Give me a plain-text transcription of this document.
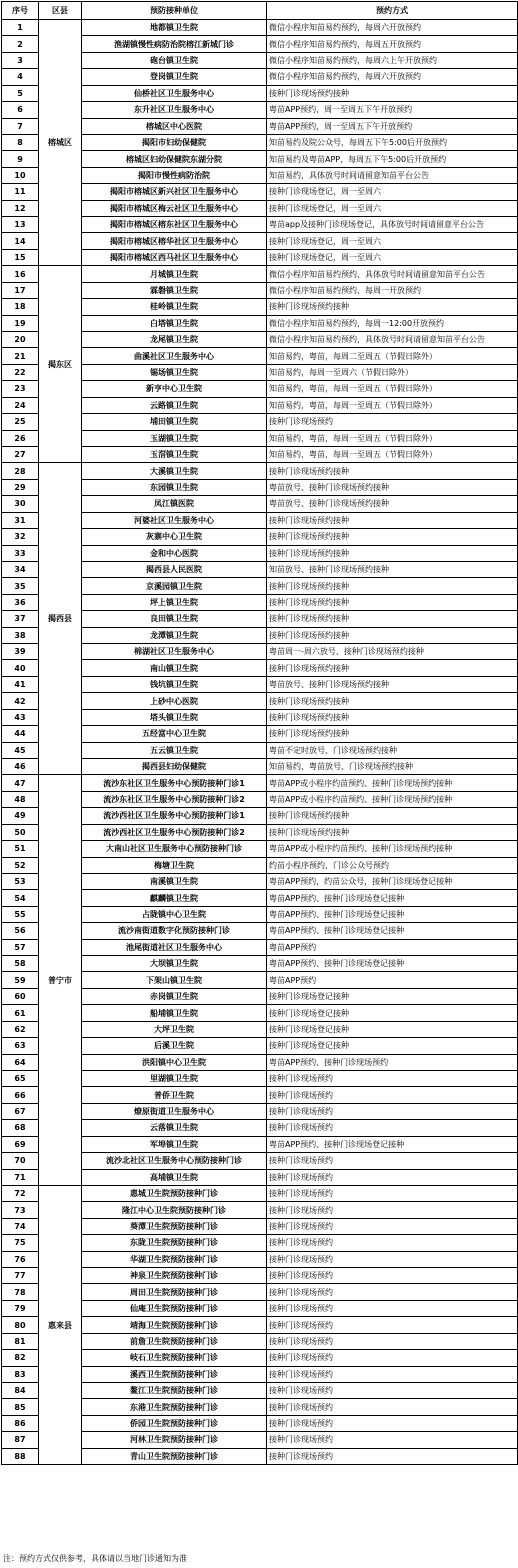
序号	区县	预防接种单位	预约方式
1	榕城区	地都镇卫生院	微信小程序知苗易约预约，每周六开放预约
2		渔湖镇慢性病防治院榕江新城门诊	微信小程序知苗易约预约，每周五开放预约
3		砲台镇卫生院	微信小程序知苗易约预约，每周六上午开放预约
4		登岗镇卫生院	微信小程序知苗易约预约，每周六开放预约
5		仙桥社区卫生服务中心	接种门诊现场预约接种
6		东升社区卫生服务中心	粤苗APP预约，周一至周五下午开放预约
7		榕城区中心医院	粤苗APP预约，周一至周五下午开放预约
8		揭阳市妇幼保健院	知苗易约及院公众号，每周五下午5:00后开放预约
9		榕城区妇幼保健院东湖分院	知苗易约及粤苗APP，每周五下午5:00后开放预约
10		揭阳市慢性病防治院	知苗易约，具体放号时间请留意知苗平台公告
11		揭阳市榕城区新兴社区卫生服务中心	接种门诊现场登记，周一至周六
12		揭阳市榕城区梅云社区卫生服务中心	接种门诊现场登记，周一至周六
13		揭阳市榕城区榕东社区卫生服务中心	粤苗app及接种门诊现场登记，具体放号时间请留意平台公告
14		揭阳市榕城区榕华社区卫生服务中心	接种门诊现场登记，周一至周六
15		揭阳市榕城区西马社区卫生服务中心	接种门诊现场登记，周一至周六
16	揭东区	月城镇卫生院	微信小程序知苗易约预约，具体放号时间请留意知苗平台公告
17		霖磐镇卫生院	微信小程序知苗易约预约，每周一开放预约
18		桂岭镇卫生院	接种门诊现场预约接种
19		白塔镇卫生院	微信小程序知苗易约预约，每周一12:00开放预约
20		龙尾镇卫生院	微信小程序知苗易约预约，具体放号时间请留意知苗平台公告
21		曲溪社区卫生服务中心	知苗易约，粤苗，每周二至周五（节假日除外）
22		锡场镇卫生院	知苗易约，每周一至周六（节假日除外）
23		新亨中心卫生院	知苗易约，粤苗，每周一至周五（节假日除外）
24		云路镇卫生院	知苗易约，粤苗，每周一至周五（节假日除外）
25		埔田镇卫生院	接种门诊现场预约
26		玉湖镇卫生院	知苗易约，粤苗，每周一至周五（节假日除外）
27		玉滘镇卫生院	知苗易约，粤苗，每周一至周五（节假日除外）
28	揭西县	大溪镇卫生院	接种门诊现场预约接种
29		东园镇卫生院	粤苗放号、接种门诊现场预约接种
30		凤江镇医院	粤苗放号、接种门诊现场预约接种
31		河婆社区卫生服务中心	接种门诊现场预约接种
32		灰寨中心卫生院	接种门诊现场预约接种
33		金和中心医院	接种门诊现场预约接种
34		揭西县人民医院	知苗放号、接种门诊现场预约接种
35		京溪园镇卫生院	接种门诊现场预约接种
36		坪上镇卫生院	接种门诊现场预约接种
37		良田镇卫生院	接种门诊现场预约接种
38		龙潭镇卫生院	接种门诊现场预约接种
39		棉湖社区卫生服务中心	粤苗周一-周六放号、接种门诊现场预约接种
40		南山镇卫生院	接种门诊现场预约接种
41		钱坑镇卫生院	粤苗放号、接种门诊现场预约接种
42		上砂中心医院	接种门诊现场预约接种
43		塔头镇卫生院	接种门诊现场预约接种
44		五经富中心卫生院	接种门诊现场预约接种
45		五云镇卫生院	粤苗不定时放号、门诊现场预约接种
46		揭西县妇幼保健院	知苗易约、粤苗放号、门诊现场预约接种
47	普宁市	流沙东社区卫生服务中心预防接种门诊1	粤苗APP或小程序约苗预约、接种门诊现场预约接种
48		流沙东社区卫生服务中心预防接种门诊2	粤苗APP或小程序约苗预约、接种门诊现场预约接种
49		流沙西社区卫生服务中心预防接种门诊1	接种门诊现场预约接种
50		流沙西社区卫生服务中心预防接种门诊2	接种门诊现场预约接种
51		大南山社区卫生服务中心预防接种门诊	粤苗APP或小程序约苗预约、接种门诊现场预约接种
52		梅塘卫生院	约苗小程序预约，门诊公众号预约
53		南溪镇卫生院	粤苗APP预约，约苗公众号，接种门诊现场登记接种
54		麒麟镇卫生院	粤苗APP预约、接种门诊现场登记接种
55		占陇镇中心卫生院	粤苗APP预约、接种门诊现场登记接种
56		流沙南街道数字化预防接种门诊	粤苗APP预约、接种门诊现场登记接种
57		池尾街道社区卫生服务中心	粤苗APP预约
58		大坝镇卫生院	粤苗APP预约、接种门诊现场登记接种
59		下架山镇卫生院	粤苗APP预约
60		赤岗镇卫生院	接种门诊现场登记接种
61		船埔镇卫生院	接种门诊现场登记接种
62		大坪卫生院	接种门诊现场登记接种
63		后溪卫生院	接种门诊现场登记接种
64		洪阳镇中心卫生院	粤苗APP预约、接种门诊现场预约
65		里湖镇卫生院	接种门诊现场预约
66		普侨卫生院	接种门诊现场预约
67		燎原街道卫生服务中心	接种门诊现场预约
68		云落镇卫生院	接种门诊现场预约
69		军埠镇卫生院	粤苗APP预约、接种门诊现场登记接种
70		流沙北社区卫生服务中心预防接种门诊	接种门诊现场预约
71		高埔镇卫生院	接种门诊现场预约
72	惠来县	惠城卫生院预防接种门诊	接种门诊现场预约
73		隆江中心卫生院预防接种门诊	接种门诊现场预约
74		葵潭卫生院预防接种门诊	接种门诊现场预约
75		东陇卫生院预防接种门诊	接种门诊现场预约
76		华湖卫生院预防接种门诊	接种门诊现场预约
77		神泉卫生院预防接种门诊	接种门诊现场预约
78		周田卫生院预防接种门诊	接种门诊现场预约
79		仙庵卫生院预防接种门诊	接种门诊现场预约
80		靖海卫生院预防接种门诊	接种门诊现场预约
81		前詹卫生院预防接种门诊	接种门诊现场预约
82		岐石卫生院预防接种门诊	接种门诊现场预约
83		溪西卫生院预防接种门诊	接种门诊现场预约
84		鳌江卫生院预防接种门诊	接种门诊现场预约
85		东港卫生院预防接种门诊	接种门诊现场预约
86		侨园卫生院预防接种门诊	接种门诊现场预约
87		河林卫生院预防接种门诊	接种门诊现场预约
88		青山卫生院预防接种门诊	接种门诊现场预约
注：预约方式仅供参考，具体请以当地门诊通知为准
